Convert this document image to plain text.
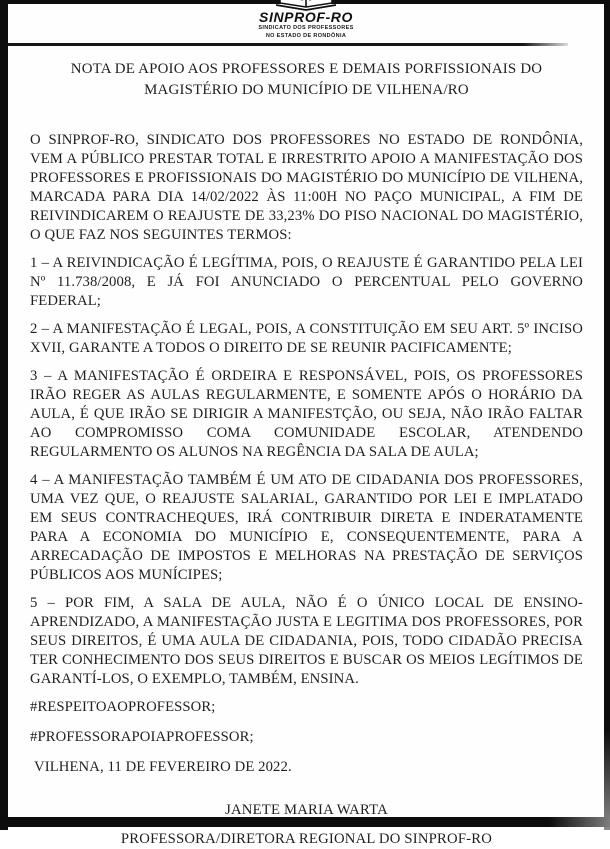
SINPROF-RO
SINDICATO DOS PROFESSORES
NO ESTADO DE RONDÔNIA
NOTA DE APOIO AOS PROFESSORES E DEMAIS PORFISSIONAIS DO MAGISTÉRIO DO MUNICÍPIO DE VILHENA/RO

O SINPROF-RO, SINDICATO DOS PROFESSORES NO ESTADO DE RONDÔNIA, VEM A PÚBLICO PRESTAR TOTAL E IRRESTRITO APOIO A MANIFESTAÇÃO DOS PROFESSORES E PROFISSIONAIS DO MAGISTÉRIO DO MUNICÍPIO DE VILHENA, MARCADA PARA DIA 14/02/2022 ÀS 11:00H NO PAÇO MUNICIPAL, A FIM DE REIVINDICAREM O REAJUSTE DE 33,23% DO PISO NACIONAL DO MAGISTÉRIO, O QUE FAZ NOS SEGUINTES TERMOS:

1 – A REIVINDICAÇÃO É LEGÍTIMA, POIS, O REAJUSTE É GARANTIDO PELA LEI Nº 11.738/2008, E JÁ FOI ANUNCIADO O PERCENTUAL PELO GOVERNO FEDERAL;

2 – A MANIFESTAÇÃO É LEGAL, POIS, A CONSTITUIÇÃO EM SEU ART. 5º INCISO XVII, GARANTE A TODOS O DIREITO DE SE REUNIR PACIFICAMENTE;

3 – A MANIFESTAÇÃO É ORDEIRA E RESPONSÁVEL, POIS, OS PROFESSORES IRÃO REGER AS AULAS REGULARMENTE, E SOMENTE APÓS O HORÁRIO DA AULA, É QUE IRÃO SE DIRIGIR A MANIFESTÇÃO, OU SEJA, NÃO IRÃO FALTAR AO COMPROMISSO COMA COMUNIDADE ESCOLAR, ATENDENDO REGULARMENTO OS ALUNOS NA REGÊNCIA DA SALA DE AULA;

4 – A MANIFESTAÇÃO TAMBÉM É UM ATO DE CIDADANIA DOS PROFESSORES, UMA VEZ QUE, O REAJUSTE SALARIAL, GARANTIDO POR LEI E IMPLATADO EM SEUS CONTRACHEQUES, IRÁ CONTRIBUIR DIRETA E INDERATAMENTE PARA A ECONOMIA DO MUNICÍPIO E, CONSEQUENTEMENTE, PARA A ARRECADAÇÃO DE IMPOSTOS E MELHORAS NA PRESTAÇÃO DE SERVIÇOS PÚBLICOS AOS MUNÍCIPES;

5 – POR FIM, A SALA DE AULA, NÃO É O ÚNICO LOCAL DE ENSINO-APRENDIZADO, A MANIFESTAÇÃO JUSTA E LEGITIMA DOS PROFESSORES, POR SEUS DIREITOS, É UMA AULA DE CIDADANIA, POIS, TODO CIDADÃO PRECISA TER CONHECIMENTO DOS SEUS DIREITOS E BUSCAR OS MEIOS LEGÍTIMOS DE GARANTÍ-LOS, O EXEMPLO, TAMBÉM, ENSINA.

#RESPEITOAOPROFESSOR;

#PROFESSORAPOIAPROFESSOR;

VILHENA, 11 DE FEVEREIRO DE 2022.

JANETE MARIA WARTA

PROFESSORA/DIRETORA REGIONAL DO SINPROF-RO
